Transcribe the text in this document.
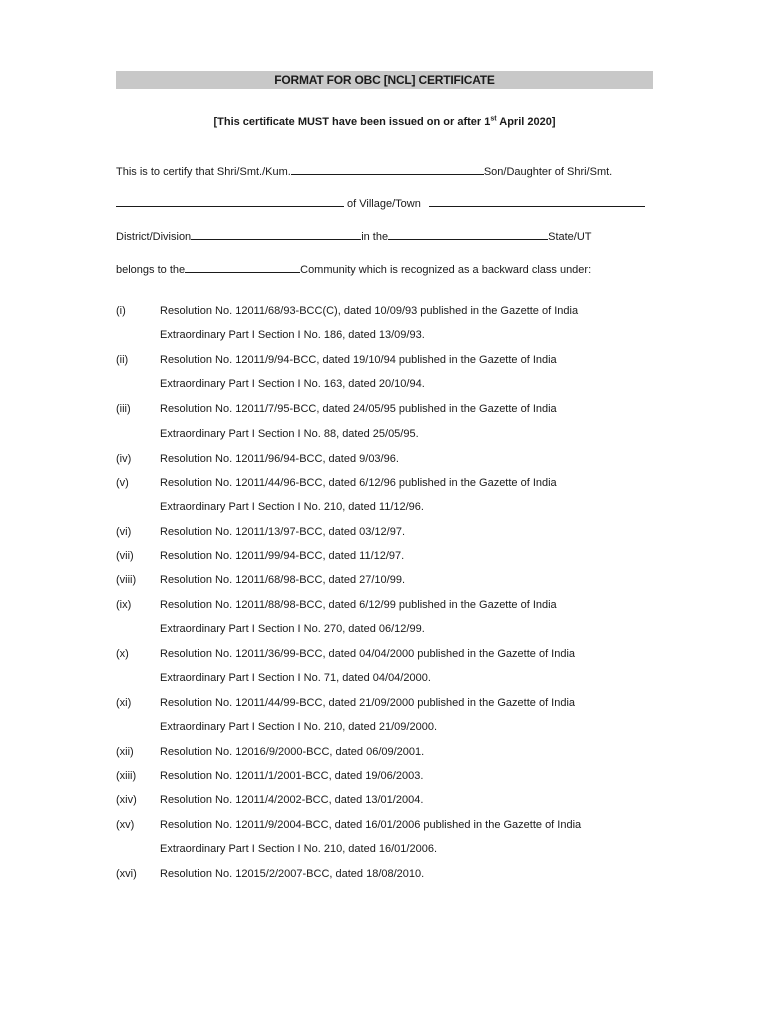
FORMAT FOR OBC [NCL] CERTIFICATE
[This certificate MUST have been issued on or after 1st April 2020]
This is to certify that Shri/Smt./Kum.	Son/Daughter of Shri/Smt.
of Village/Town
District/Division	in the	State/UT
belongs to the	Community which is recognized as a backward class under:
(i)	Resolution No. 12011/68/93-BCC(C), dated 10/09/93 published in the Gazette of India
Extraordinary Part I Section I No. 186, dated 13/09/93.
(ii)	Resolution No. 12011/9/94-BCC, dated 19/10/94 published in the Gazette of India
Extraordinary Part I Section I No. 163, dated 20/10/94.
(iii)	Resolution No. 12011/7/95-BCC, dated 24/05/95 published in the Gazette of India
Extraordinary Part I Section I No. 88, dated 25/05/95.
(iv)	Resolution No. 12011/96/94-BCC, dated 9/03/96.
(v)	Resolution No. 12011/44/96-BCC, dated 6/12/96 published in the Gazette of India
Extraordinary Part I Section I No. 210, dated 11/12/96.
(vi)	Resolution No. 12011/13/97-BCC, dated 03/12/97.
(vii) Resolution No. 12011/99/94-BCC, dated 11/12/97.
(viii) Resolution No. 12011/68/98-BCC, dated 27/10/99.
(ix)	Resolution No. 12011/88/98-BCC, dated 6/12/99 published in the Gazette of India
Extraordinary Part I Section I No. 270, dated 06/12/99.
(x)	Resolution No. 12011/36/99-BCC, dated 04/04/2000 published in the Gazette of India
Extraordinary Part I Section I No. 71, dated 04/04/2000.
(xi)	Resolution No. 12011/44/99-BCC, dated 21/09/2000 published in the Gazette of India
Extraordinary Part I Section I No. 210, dated 21/09/2000.
(xii) Resolution No. 12016/9/2000-BCC, dated 06/09/2001.
(xiii) Resolution No. 12011/1/2001-BCC, dated 19/06/2003.
(xiv) Resolution No. 12011/4/2002-BCC, dated 13/01/2004.
(xv) Resolution No. 12011/9/2004-BCC, dated 16/01/2006 published in the Gazette of India
Extraordinary Part I Section I No. 210, dated 16/01/2006.
(xvi) Resolution No. 12015/2/2007-BCC, dated 18/08/2010.
